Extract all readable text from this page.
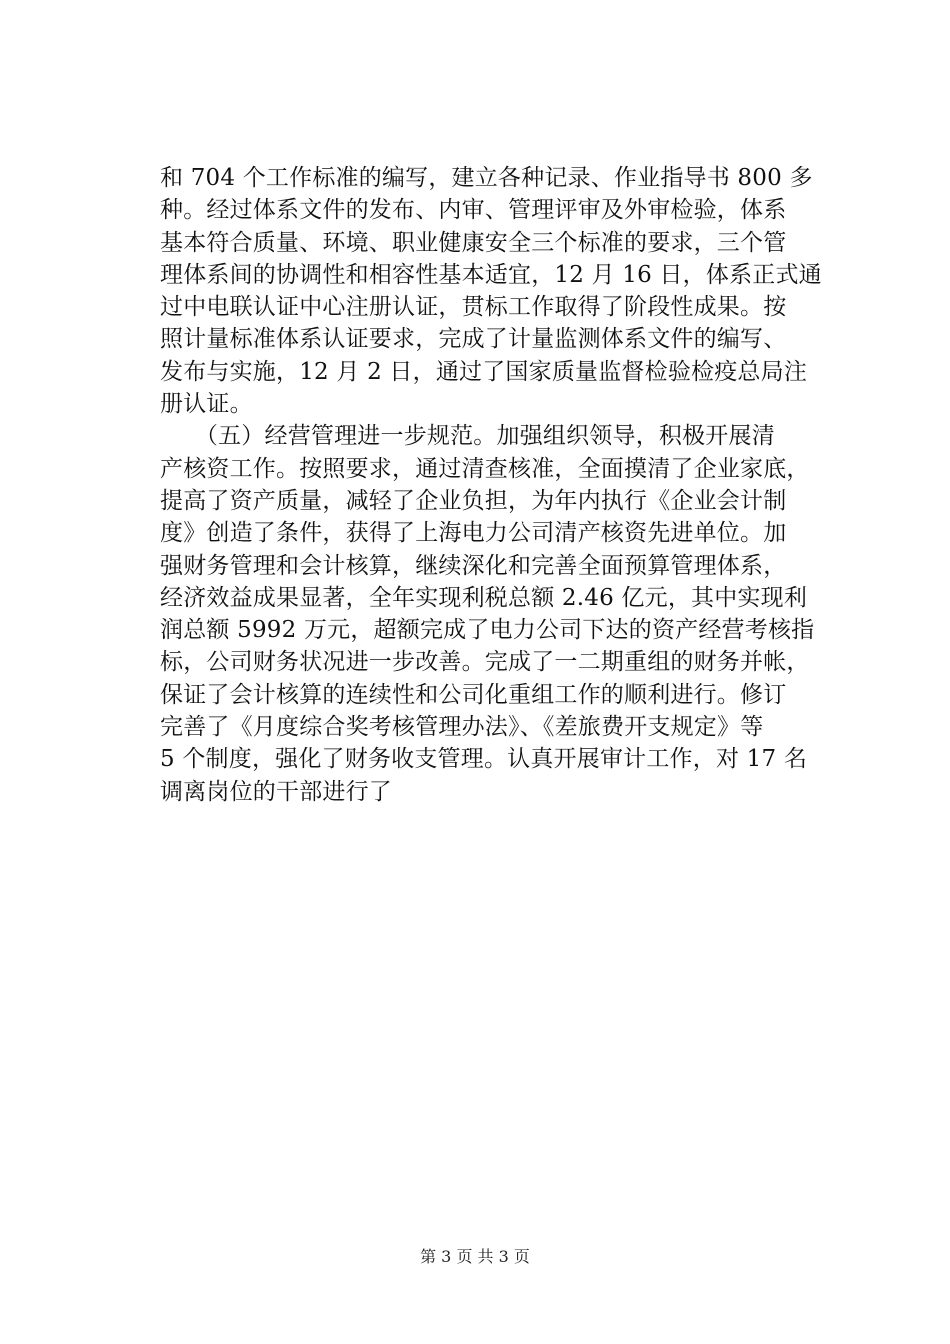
和 704 个工作标准的编写，建立各种记录、作业指导书 800 多
种。经过体系文件的发布、内审、管理评审及外审检验，体系
基本符合质量、环境、职业健康安全三个标准的要求，三个管
理体系间的协调性和相容性基本适宜，12 月 16 日，体系正式通
过中电联认证中心注册认证，贯标工作取得了阶段性成果。按
照计量标准体系认证要求，完成了计量监测体系文件的编写、
发布与实施，12 月 2 日，通过了国家质量监督检验检疫总局注
册认证。
　　（五）经营管理进一步规范。加强组织领导，积极开展清
产核资工作。按照要求，通过清查核准，全面摸清了企业家底，
提高了资产质量，减轻了企业负担，为年内执行《企业会计制
度》创造了条件，获得了上海电力公司清产核资先进单位。加
强财务管理和会计核算，继续深化和完善全面预算管理体系，
经济效益成果显著，全年实现利税总额 2.46 亿元，其中实现利
润总额 5992 万元，超额完成了电力公司下达的资产经营考核指
标，公司财务状况进一步改善。完成了一二期重组的财务并帐，
保证了会计核算的连续性和公司化重组工作的顺利进行。修订
完善了《月度综合奖考核管理办法》、《差旅费开支规定》等
5 个制度，强化了财务收支管理。认真开展审计工作，对 17 名
调离岗位的干部进行了
第 3 页 共 3 页
